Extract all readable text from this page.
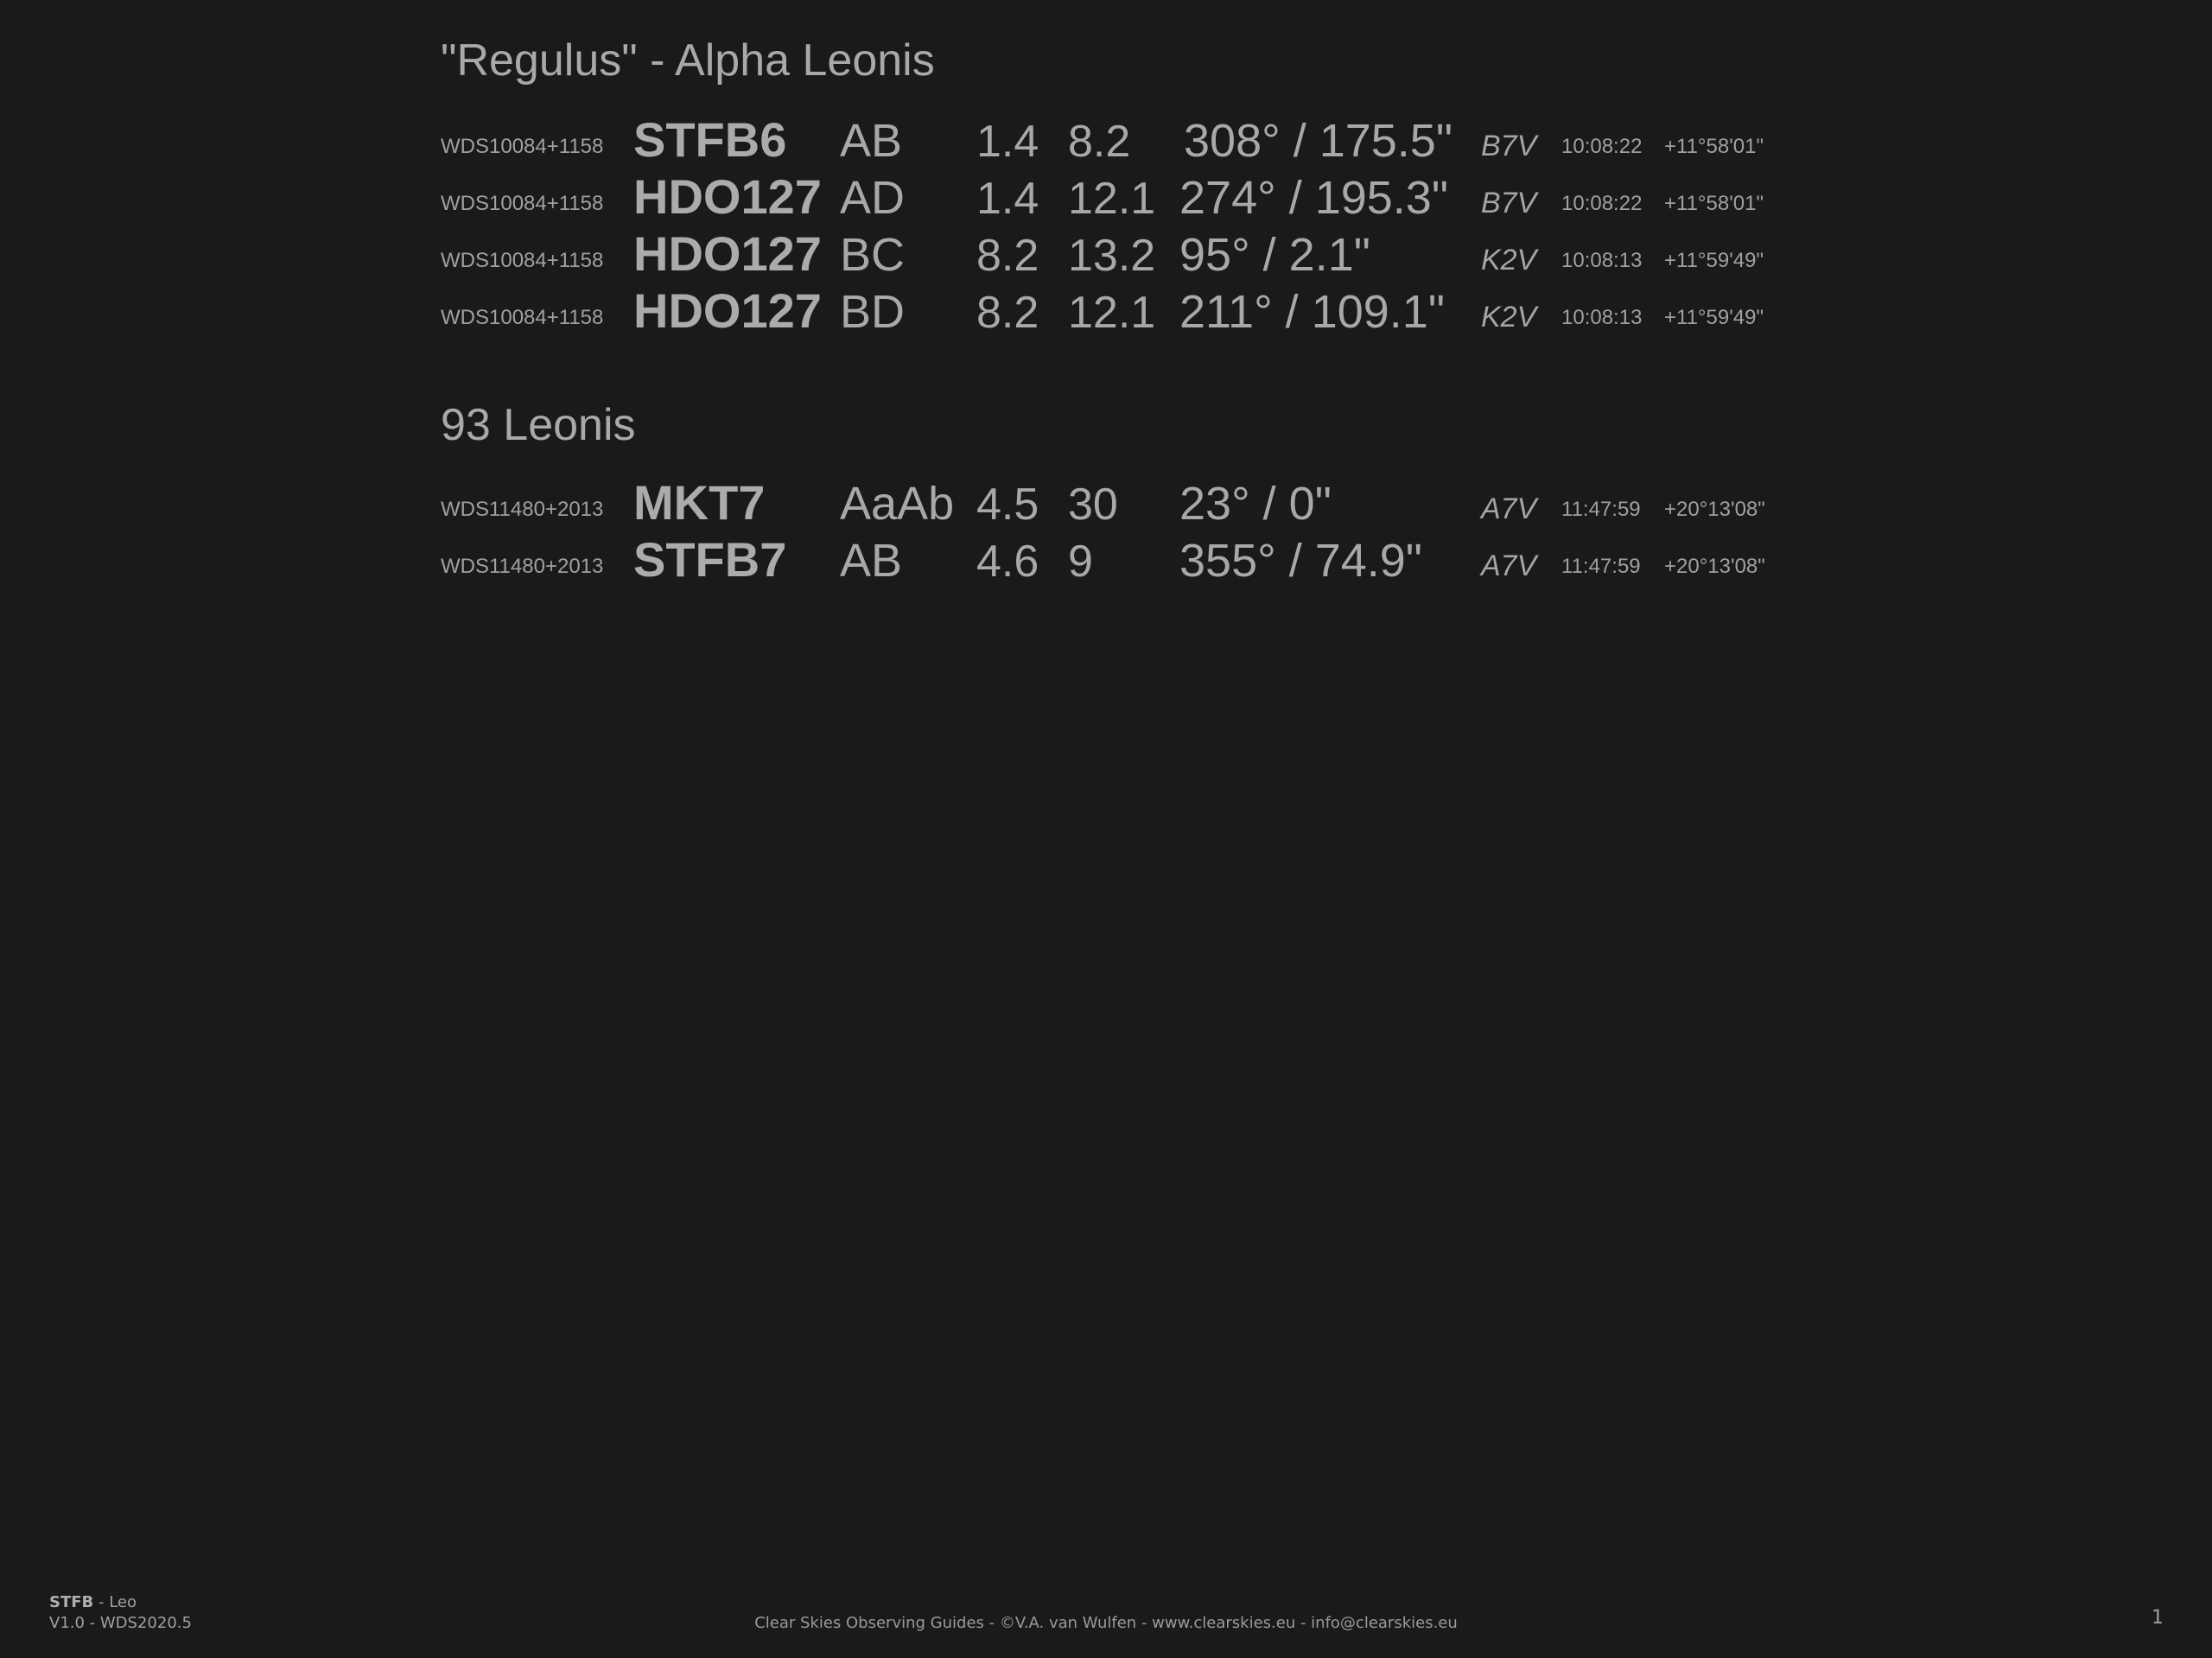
"Regulus" - Alpha Leonis
WDS10084+1158 STFB6 AB 1.4 8.2 308° / 175.5" B7V 10:08:22 +11°58'01"
WDS10084+1158 HDO127 AD 1.4 12.1 274° / 195.3" B7V 10:08:22 +11°58'01"
WDS10084+1158 HDO127 BC 8.2 13.2 95° / 2.1"	K2V 10:08:13 +11°59'49"
WDS10084+1158 HDO127 BD 8.2 12.1 211° / 109.1" K2V 10:08:13 +11°59'49"
93 Leonis
WDS11480+2013 MKT7 AaAb 4.5 30 23° / 0"	A7V 11:47:59 +20°13'08"
WDS11480+2013 STFB7 AB 4.6 9 355° / 74.9" A7V 11:47:59 +20°13'08"
STFB - Leo
V1.0 - WDS2020.5	Clear Skies Observing Guides - ©V.A. van Wulfen - www.clearskies.eu - info@clearskies.eu	1
